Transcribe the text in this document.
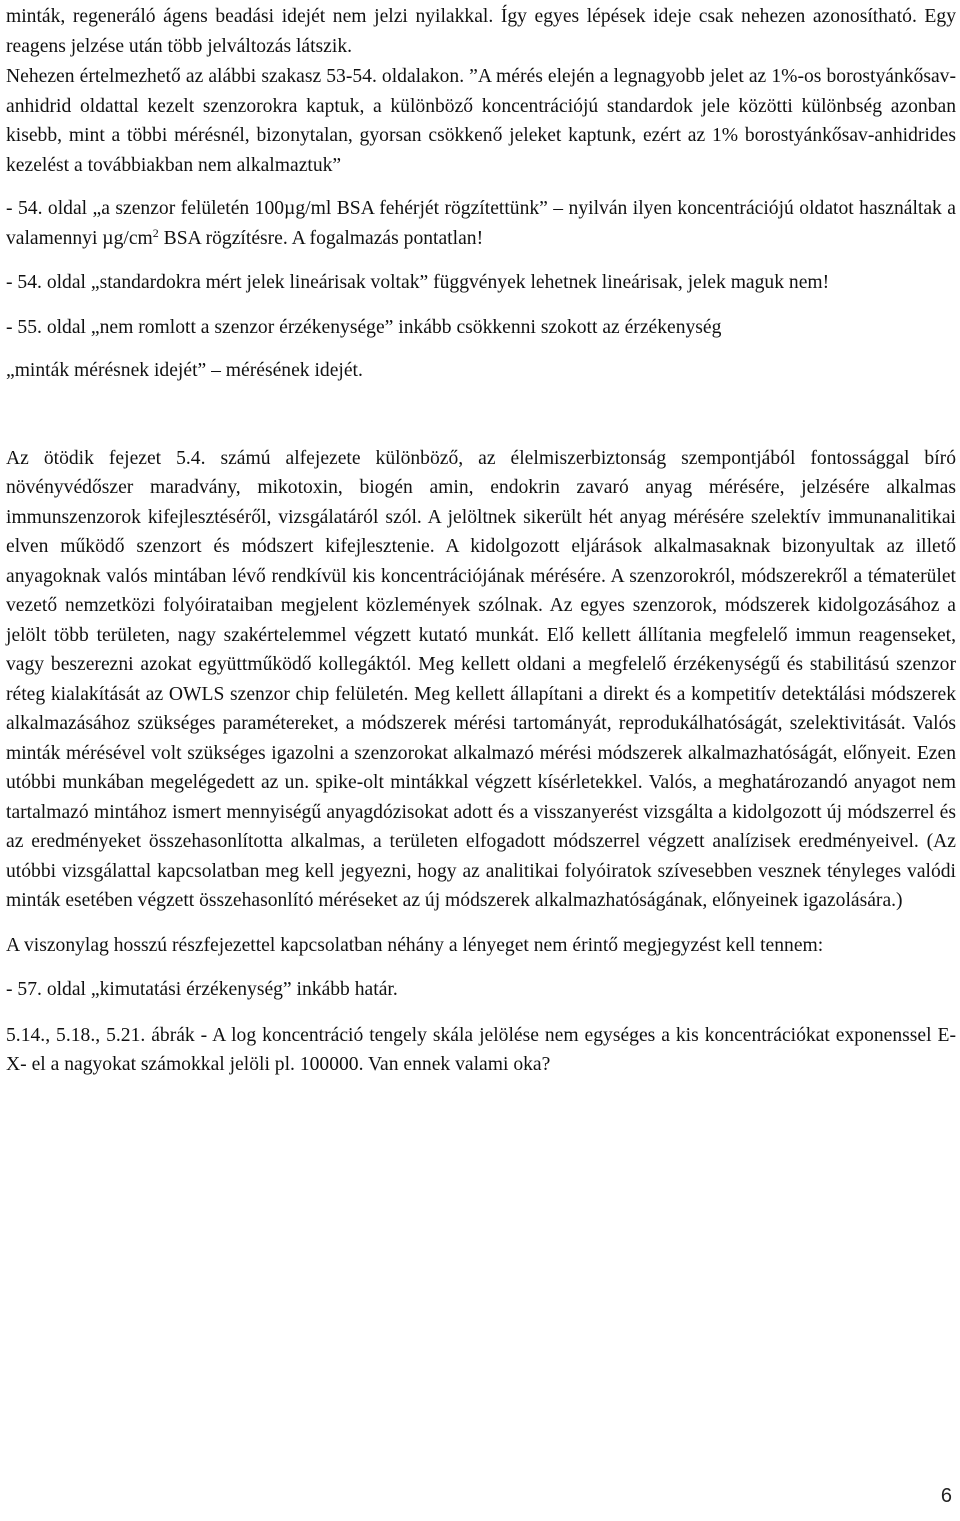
minták, regeneráló ágens beadási idejét nem jelzi nyilakkal. Így egyes lépések ideje csak nehezen azonosítható. Egy reagens jelzése után több jelváltozás látszik.

Nehezen értelmezhető az alábbi szakasz 53-54. oldalakon. ”A mérés elején a legnagyobb jelet az 1%-os borostyánkősav-anhidrid oldattal kezelt szenzorokra kaptuk, a különböző koncentrációjú standardok jele közötti különbség azonban kisebb, mint a többi mérésnél, bizonytalan, gyorsan csökkenő jeleket kaptunk, ezért az 1% borostyánkősav-anhidrides kezelést a továbbiakban nem alkalmaztuk”

- 54. oldal „a szenzor felületén 100µg/ml BSA fehérjét rögzítettünk” – nyilván ilyen koncentrációjú oldatot használtak a valamennyi $\mu g/cm^2$ BSA rögzítésre. A fogalmazás pontatlan!

- 54. oldal „standardokra mért jelek lineárisak voltak” függvények lehetnek lineárisak, jelek maguk nem!

- 55. oldal „nem romlott a szenzor érzékenysége” inkább csökkenni szokott az érzékenység

„minták mérésnek idejét” – mérésének idejét.

Az ötödik fejezet 5.4. számú alfejezete különböző, az élelmiszerbiztonság szempontjából fontossággal bíró növényvédőszer maradvány, mikotoxin, biogén amin, endokrin zavaró anyag mérésére, jelzésére alkalmas immunszenzorok kifejlesztéséről, vizsgálatáról szól. A jelöltnek sikerült hét anyag mérésére szelektív immunanalitikai elven működő szenzort és módszert kifejlesztenie. A kidolgozott eljárások alkalmasaknak bizonyultak az illető anyagoknak valós mintában lévő rendkívül kis koncentrációjának mérésére. A szenzorokról, módszerekről a tématerület vezető nemzetközi folyóirataiban megjelent közlemények szólnak. Az egyes szenzorok, módszerek kidolgozásához a jelölt több területen, nagy szakértelemmel végzett kutató munkát. Elő kellett állítania megfelelő immun reagenseket, vagy beszerezni azokat együttműködő kollegáktól. Meg kellett oldani a megfelelő érzékenységű és stabilitású szenzor réteg kialakítását az OWLS szenzor chip felületén. Meg kellett állapítani a direkt és a kompetitív detektálási módszerek alkalmazásához szükséges paramétereket, a módszerek mérési tartományát, reprodukálhatóságát, szelektivitását. Valós minták mérésével volt szükséges igazolni a szenzorokat alkalmazó mérési módszerek alkalmazhatóságát, előnyeit. Ezen utóbbi munkában megelégedett az un. spike-olt mintákkal végzett kísérletekkel. Valós, a meghatározandó anyagot nem tartalmazó mintához ismert mennyiségű anyagdózisokat adott és a visszanyerést vizsgálta a kidolgozott új módszerrel és az eredményeket összehasonlította alkalmas, a területen elfogadott módszerrel végzett analízisek eredményeivel. (Az utóbbi vizsgálattal kapcsolatban meg kell jegyezni, hogy az analitikai folyóiratok szívesebben vesznek tényleges valódi minták esetében végzett összehasonlító méréseket az új módszerek alkalmazhatóságának, előnyeinek igazolására.)

A viszonylag hosszú részfejezettel kapcsolatban néhány a lényeget nem érintő megjegyzést kell tennem:

- 57. oldal „kimutatási érzékenység” inkább határ.

5.14., 5.18., 5.21. ábrák - A log koncentráció tengely skála jelölése nem egységes a kis koncentrációkat exponenssel E-X- el a nagyokat számokkal jelöli pl. 100000. Van ennek valami oka?

6
